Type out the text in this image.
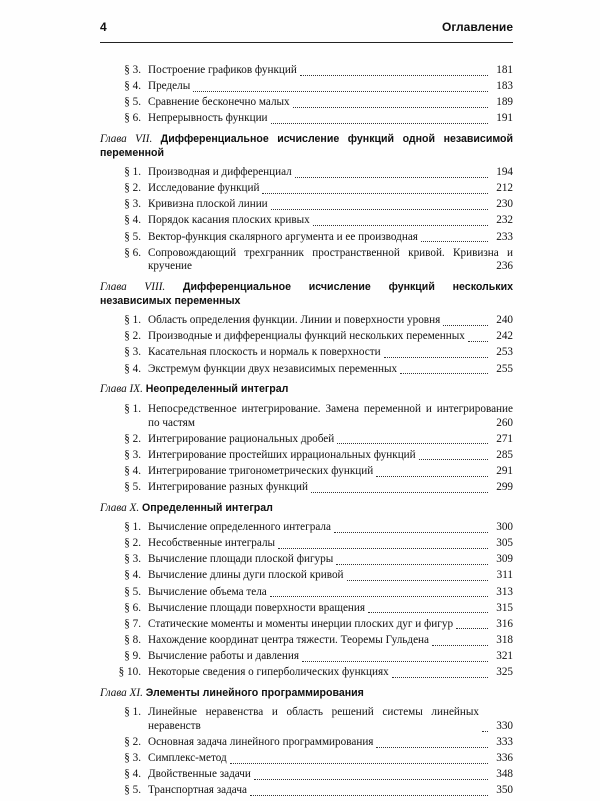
4	Оглавление
§ 3. Построение графиков функций	181
§ 4. Пределы	183
§ 5. Сравнение бесконечно малых	189
§ 6. Непрерывность функции	191
Глава VII. Дифференциальное исчисление функций одной независимой переменной
§ 1. Производная и дифференциал	194
§ 2. Исследование функций	212
§ 3. Кривизна плоской линии	230
§ 4. Порядок касания плоских кривых	232
§ 5. Вектор-функция скалярного аргумента и ее производная	233
§ 6. Сопровождающий трехгранник пространственной кривой. Кривизна и
кручение	236
Глава VIII. Дифференциальное исчисление функций нескольких независимых переменных
§ 1. Область определения функции. Линии и поверхности уровня	240
§ 2. Производные и дифференциалы функций нескольких переменных	242
§ 3. Касательная плоскость и нормаль к поверхности	253
§ 4. Экстремум функции двух независимых переменных	255
Глава IX. Неопределенный интеграл
§ 1. Непосредственное интегрирование. Замена переменной и интегрирование
по частям	260
§ 2. Интегрирование рациональных дробей	271
§ 3. Интегрирование простейших иррациональных функций	285
§ 4. Интегрирование тригонометрических функций	291
§ 5. Интегрирование разных функций	299
Глава X. Определенный интеграл
§ 1. Вычисление определенного интеграла	300
§ 2. Несобственные интегралы	305
§ 3. Вычисление площади плоской фигуры	309
§ 4. Вычисление длины дуги плоской кривой	311
§ 5. Вычисление объема тела	313
§ 6. Вычисление площади поверхности вращения	315
§ 7. Статические моменты и моменты инерции плоских дуг и фигур	316
§ 8. Нахождение координат центра тяжести. Теоремы Гульдена	318
§ 9. Вычисление работы и давления	321
§ 10. Некоторые сведения о гиперболических функциях	325
Глава XI. Элементы линейного программирования
§ 1. Линейные неравенства и область решений системы линейных неравенств	330
§ 2. Основная задача линейного программирования	333
§ 3. Симплекс-метод	336
§ 4. Двойственные задачи	348
§ 5. Транспортная задача	350
